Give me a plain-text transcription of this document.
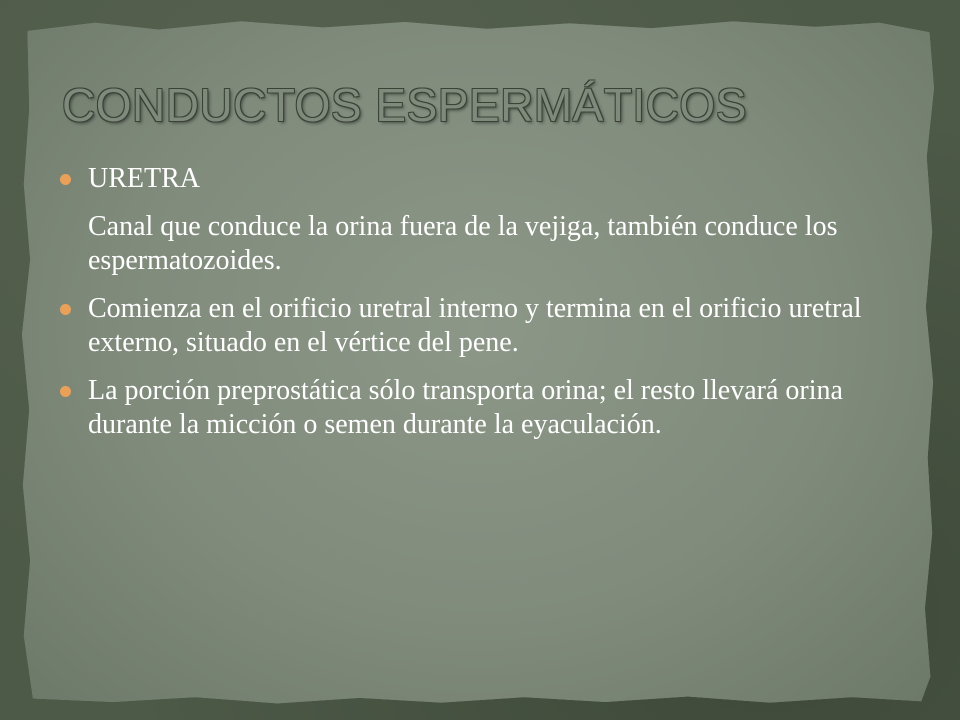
CONDUCTOS ESPERMÁTICOS

URETRA

Canal que conduce la orina fuera de la vejiga, también conduce los espermatozoides.

Comienza en el orificio uretral interno y termina en el orificio uretral externo, situado en el vértice del pene.

La porción preprostática sólo transporta orina; el resto llevará orina durante la micción o semen durante la eyaculación.
